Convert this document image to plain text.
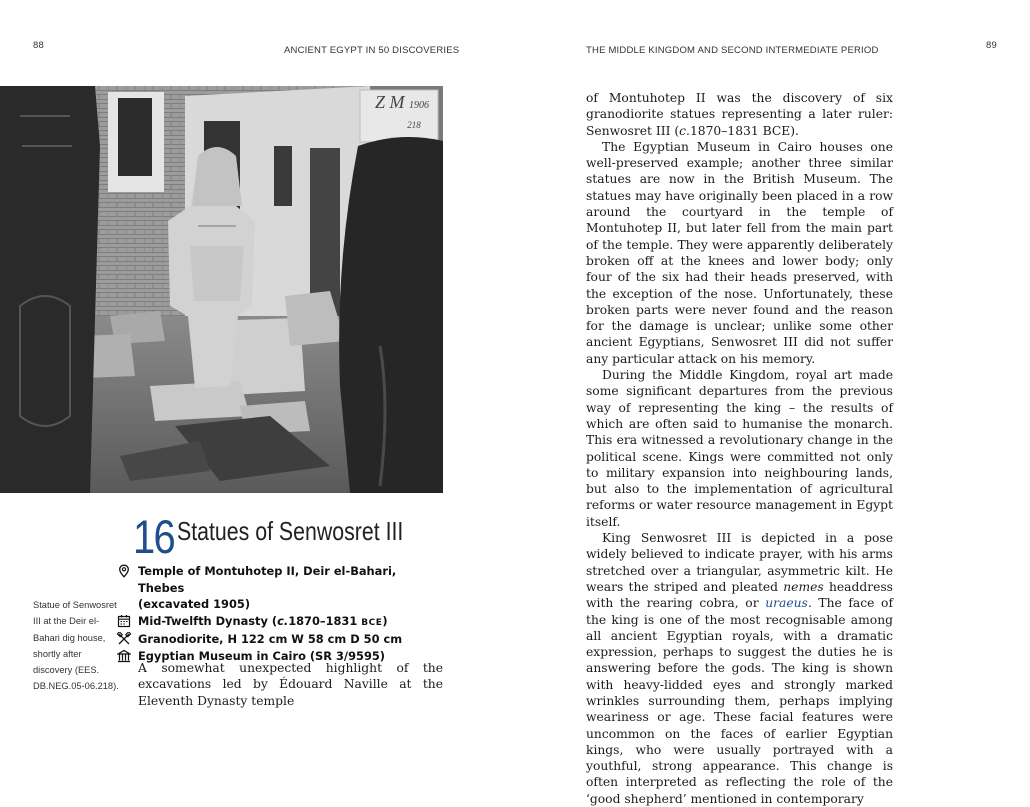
88	ANCIENT EGYPT IN 50 DISCOVERIES	THE MIDDLE KINGDOM AND SECOND INTERMEDIATE PERIOD	89
Z M 1906
218
16 Statues of Senwosret III
Temple of Montuhotep II, Deir el-Bahari, Thebes
(excavated 1905)
Mid-Twelfth Dynasty (c.1870–1831 BCE)
Granodiorite, H 122 cm W 58 cm D 50 cm
Egyptian Museum in Cairo (SR 3/9595)
Statue of Senwosret III at the Deir el-Bahari dig house, shortly after discovery (EES. DB.NEG.05-06.218).

A somewhat unexpected highlight of the excavations led by Édouard Naville at the Eleventh Dynasty temple

of Montuhotep II was the discovery of six granodiorite statues representing a later ruler: Senwosret III (c.1870–1831 BCE).

The Egyptian Museum in Cairo houses one well-preserved example; another three similar statues are now in the British Museum. The statues may have originally been placed in a row around the courtyard in the temple of Montuhotep II, but later fell from the main part of the temple. They were apparently deliberately broken off at the knees and lower body; only four of the six had their heads preserved, with the exception of the nose. Unfortunately, these broken parts were never found and the reason for the damage is unclear; unlike some other ancient Egyptians, Senwosret III did not suffer any particular attack on his memory.

During the Middle Kingdom, royal art made some significant departures from the previous way of representing the king – the results of which are often said to humanise the monarch. This era witnessed a revolutionary change in the political scene. Kings were committed not only to military expansion into neighbouring lands, but also to the implementation of agricultural reforms or water resource management in Egypt itself.

King Senwosret III is depicted in a pose widely believed to indicate prayer, with his arms stretched over a triangular, asymmetric kilt. He wears the striped and pleated nemes headdress with the rearing cobra, or uraeus. The face of the king is one of the most recognisable among all ancient Egyptian royals, with a dramatic expression, perhaps to suggest the duties he is answering before the gods. The king is shown with heavy-lidded eyes and strongly marked wrinkles surrounding them, perhaps implying weariness or age. These facial features were uncommon on the faces of earlier Egyptian kings, who were usually portrayed with a youthful, strong appearance. This change is often interpreted as reflecting the role of the ‘good shepherd’ mentioned in contemporary
